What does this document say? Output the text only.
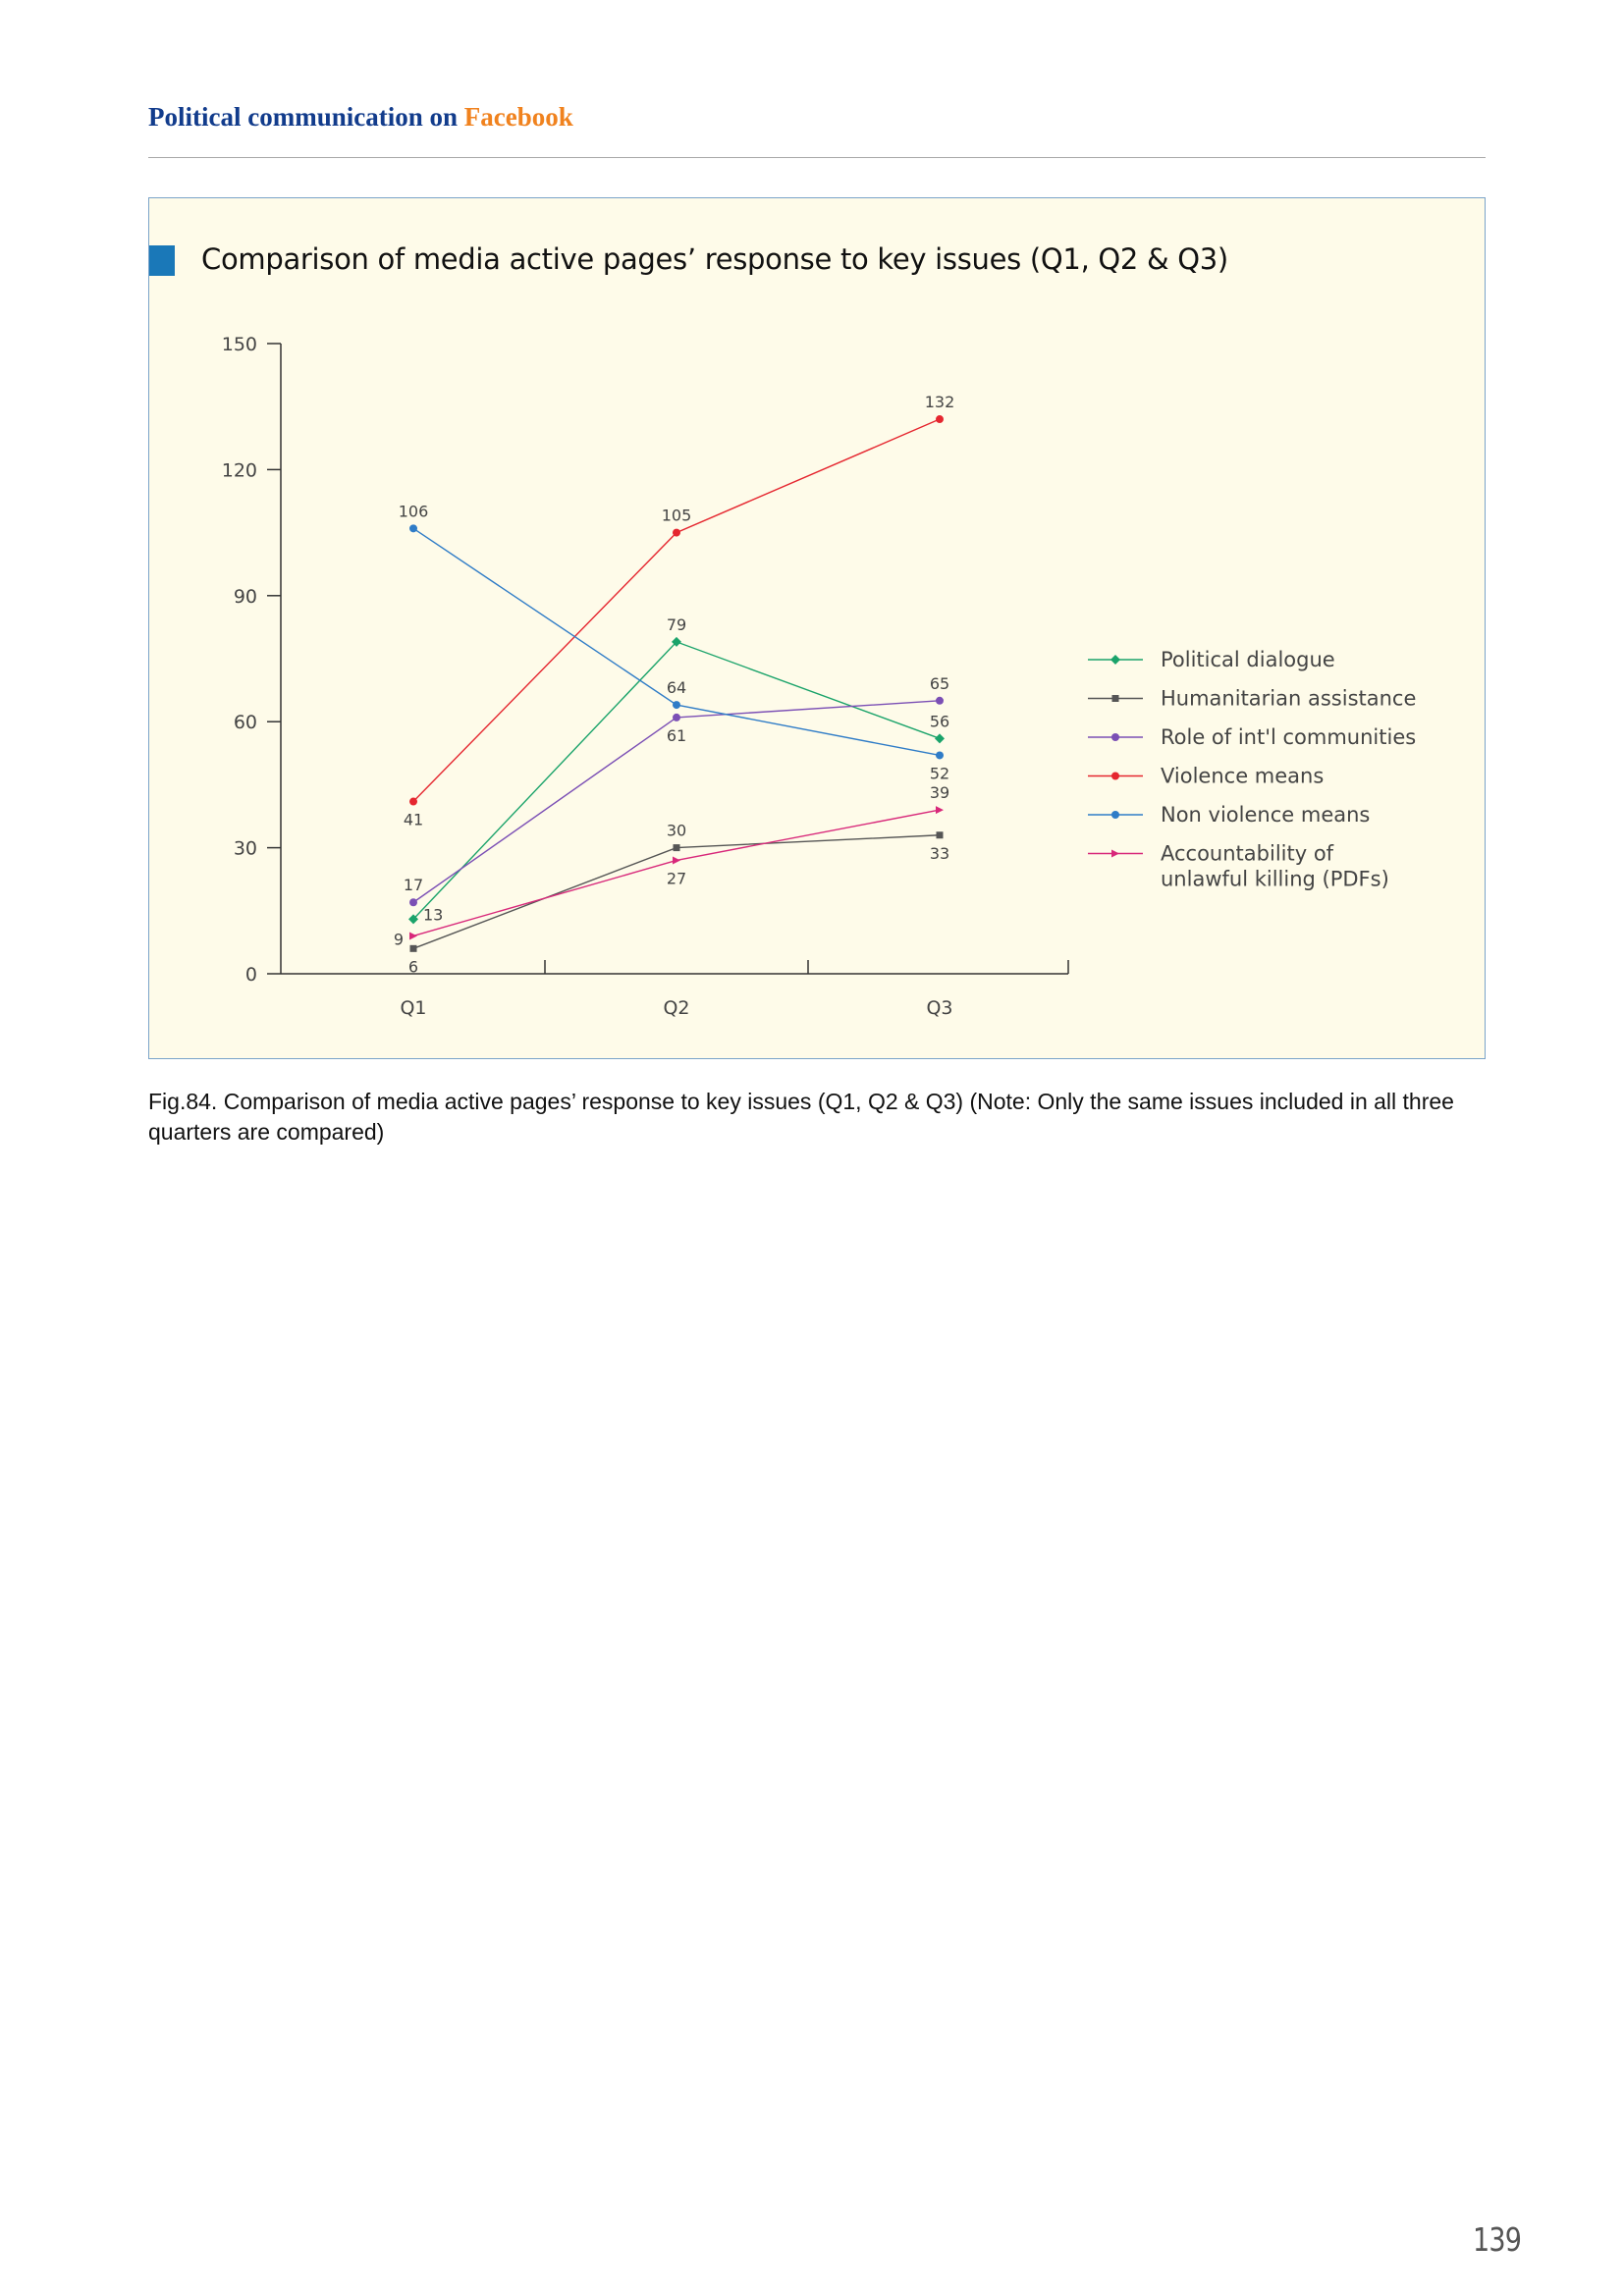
Political communication on Facebook
Comparison of media active pages’ response to key issues (Q1, Q2 & Q3)
0
30
60
90
120
150
Q1	Q2	Q3
13
79
56
6
30
33
17
61
65
41
105
132
106
64
52
9
27
39
Political dialogue
Humanitarian assistance
Role of int'l communities
Violence means
Non violence means
Accountability of unlawful killing (PDFs)
Fig.84. Comparison of media active pages’ response to key issues (Q1, Q2 & Q3) (Note: Only the same issues included in all three quarters are compared)
139
